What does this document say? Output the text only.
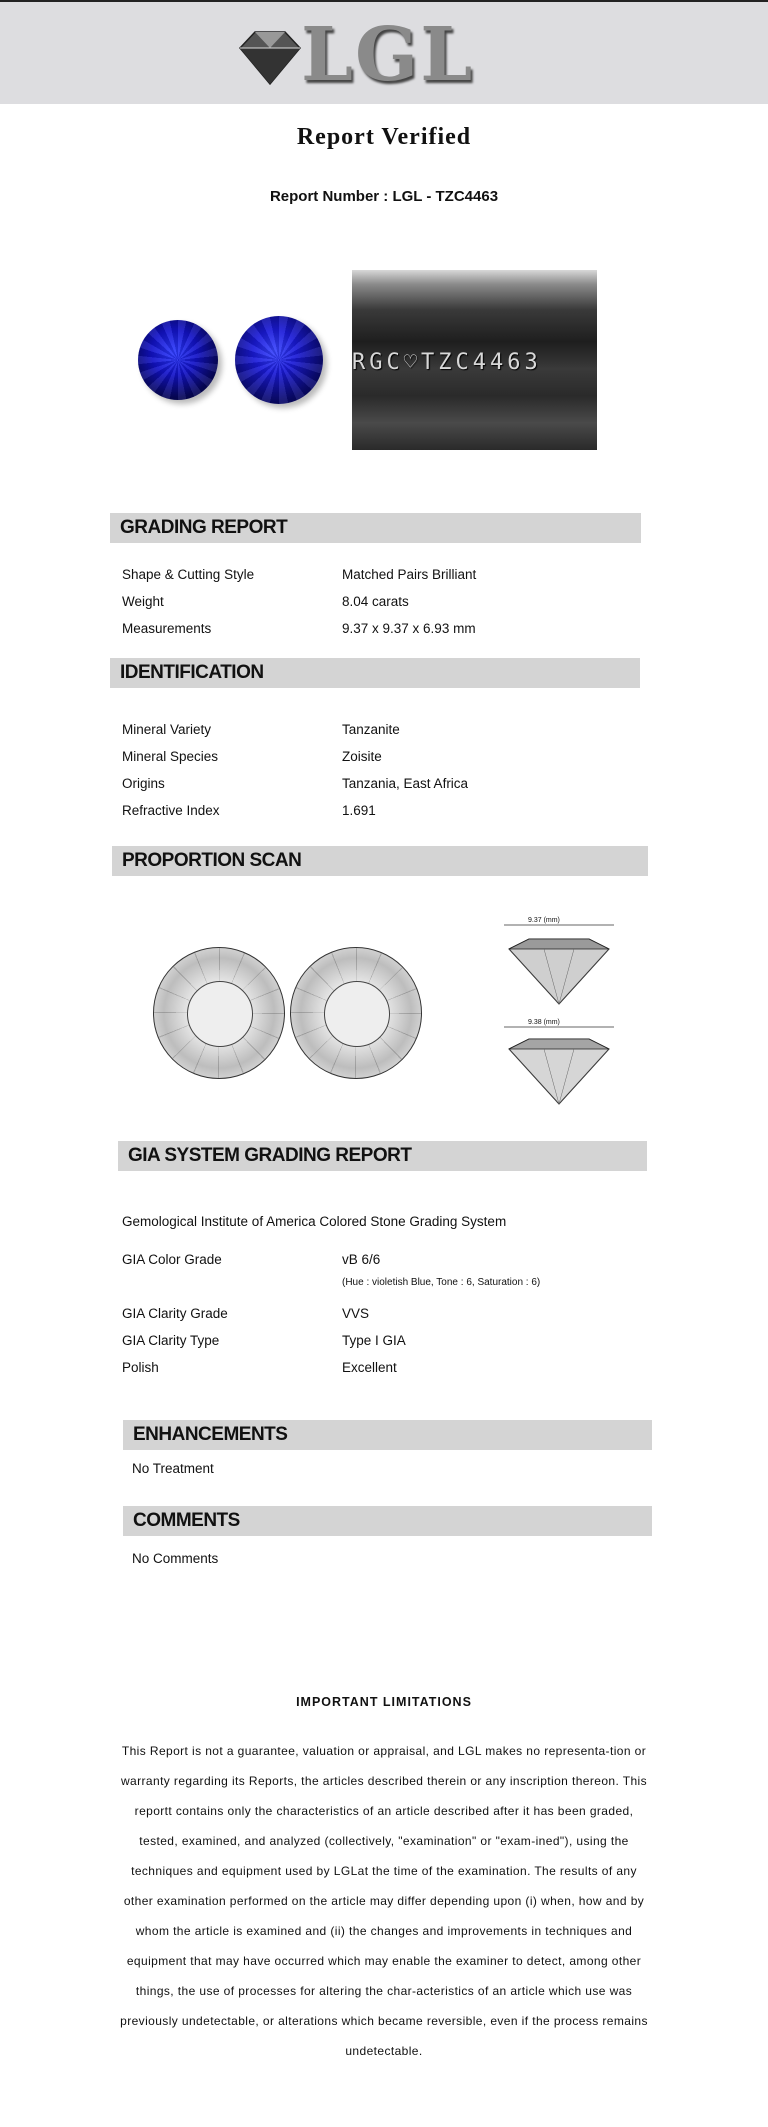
LGL
Report Verified
Report Number : LGL - TZC4463
RGC♡TZC4463
GRADING REPORT
Shape & Cutting Style	Matched Pairs Brilliant
Weight	8.04 carats
Measurements	9.37 x 9.37 x 6.93 mm
IDENTIFICATION
Mineral Variety	Tanzanite
Mineral Species	Zoisite
Origins	Tanzania, East Africa
Refractive Index	1.691
PROPORTION SCAN
9.37 (mm)
9.38 (mm)
GIA SYSTEM GRADING REPORT
Gemological Institute of America Colored Stone Grading System
GIA Color Grade	vB 6/6
(Hue : violetish Blue, Tone : 6, Saturation : 6)
GIA Clarity Grade	VVS
GIA Clarity Type	Type I GIA
Polish	Excellent
ENHANCEMENTS
No Treatment
COMMENTS
No Comments
IMPORTANT LIMITATIONS
This Report is not a guarantee, valuation or appraisal, and LGL makes no representa-tion or warranty regarding its Reports, the articles described therein or any inscription thereon. This reportt contains only the characteristics of an article described after it has been graded, tested, examined, and analyzed (collectively, "examination" or "exam-ined"), using the techniques and equipment used by LGLat the time of the examination. The results of any other examination performed on the article may differ depending upon (i) when, how and by whom the article is examined and (ii) the changes and improvements in techniques and equipment that may have occurred which may enable the examiner to detect, among other things, the use of processes for altering the char-acteristics of an article which use was previously undetectable, or alterations which became reversible, even if the process remains undetectable.
